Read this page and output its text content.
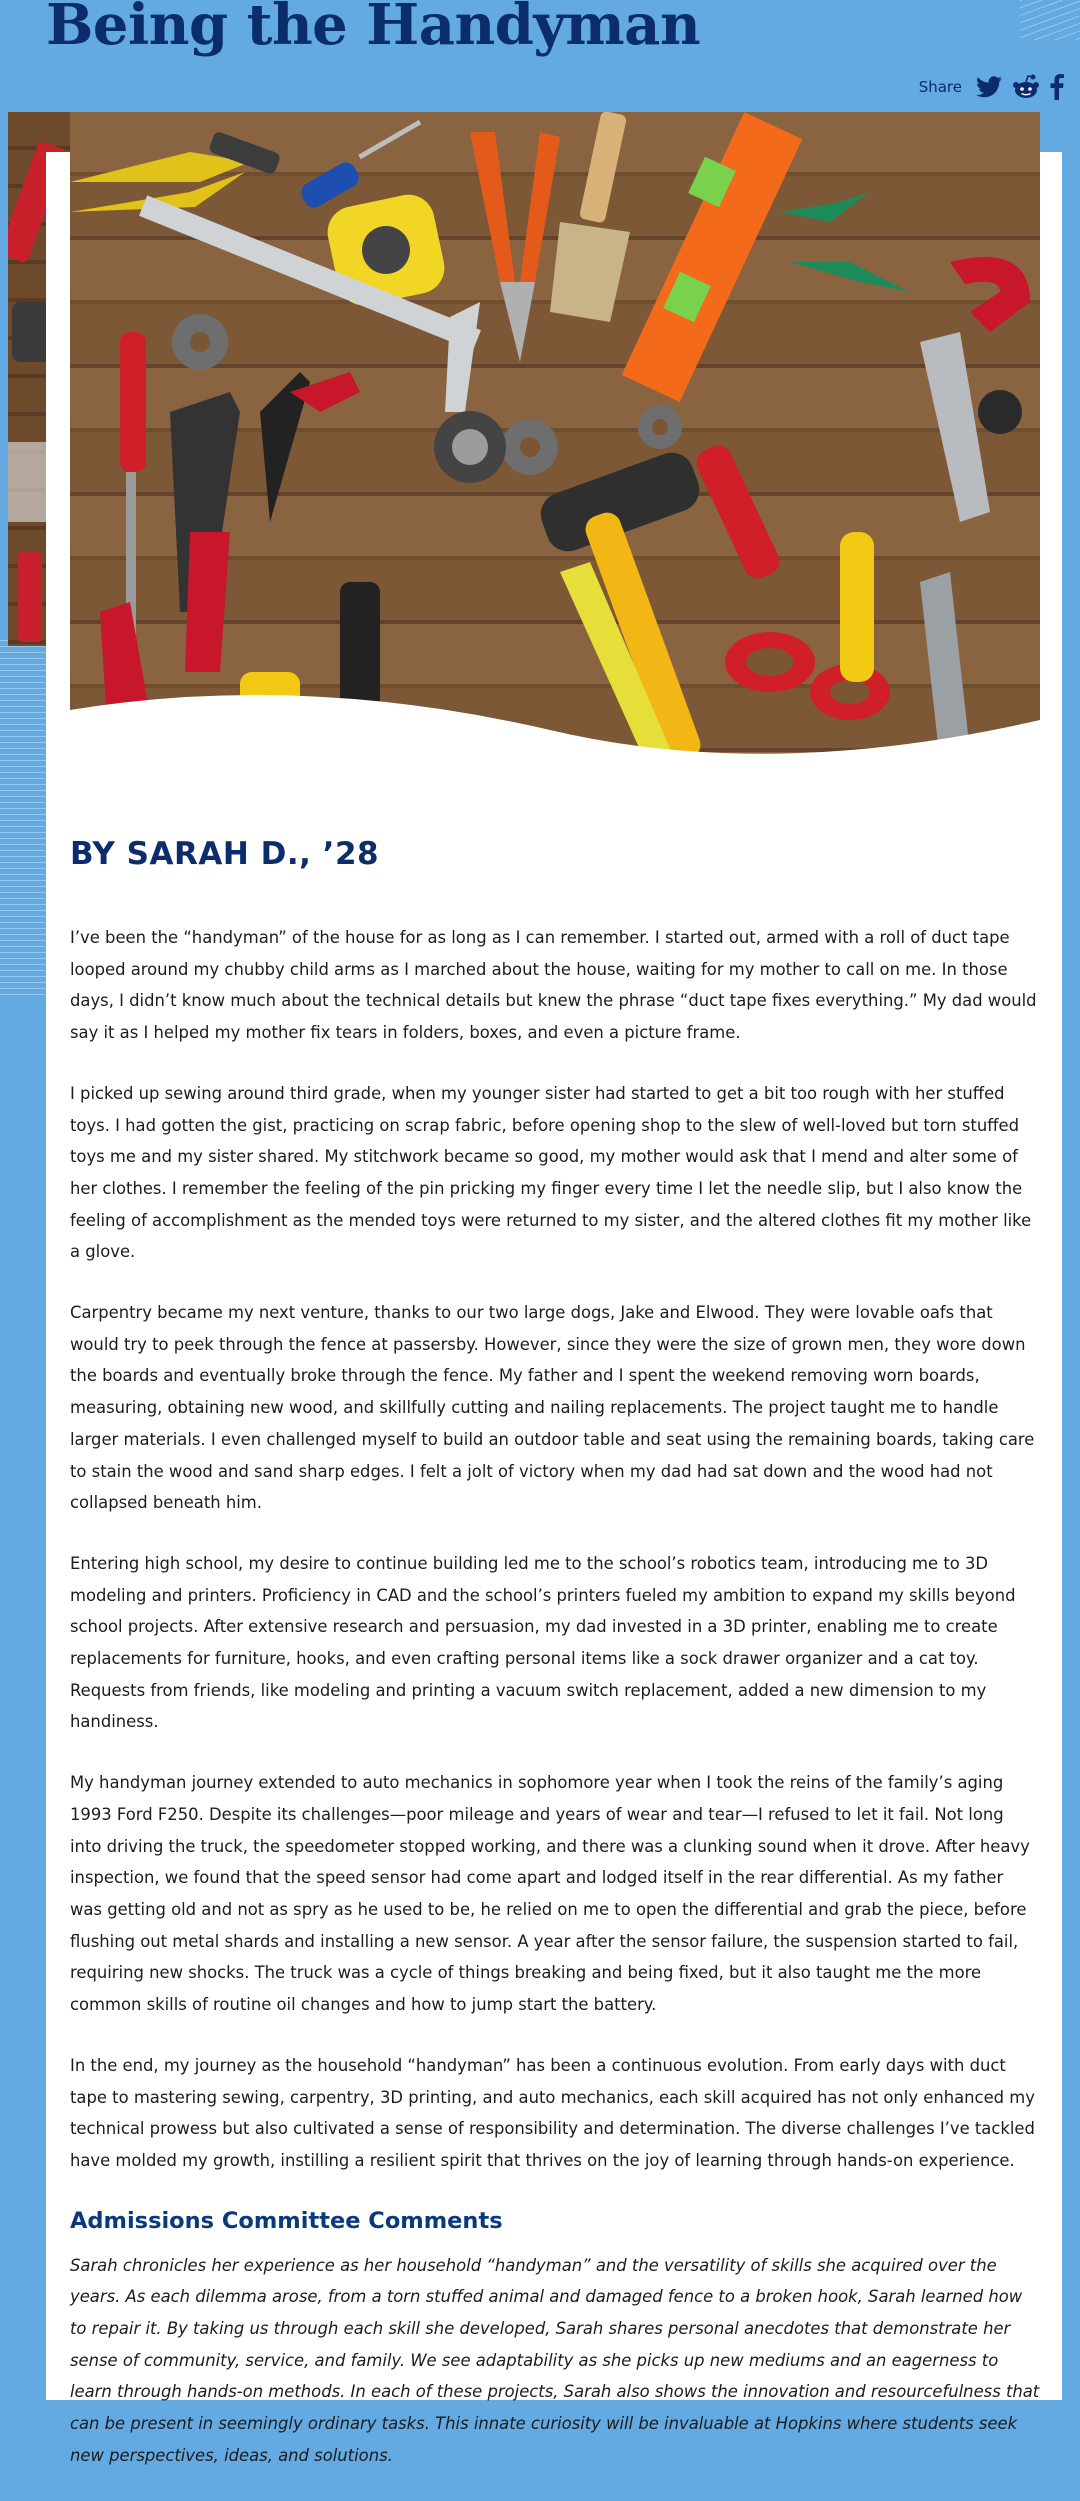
Being the Handyman
Share
BY SARAH D., ’28

I’ve been the “handyman” of the house for as long as I can remember. I started out, armed with a roll of duct tape looped around my chubby child arms as I marched about the house, waiting for my mother to call on me. In those days, I didn’t know much about the technical details but knew the phrase “duct tape fixes everything.” My dad would say it as I helped my mother fix tears in folders, boxes, and even a picture frame.

I picked up sewing around third grade, when my younger sister had started to get a bit too rough with her stuffed toys. I had gotten the gist, practicing on scrap fabric, before opening shop to the slew of well-loved but torn stuffed toys me and my sister shared. My stitchwork became so good, my mother would ask that I mend and alter some of her clothes. I remember the feeling of the pin pricking my finger every time I let the needle slip, but I also know the feeling of accomplishment as the mended toys were returned to my sister, and the altered clothes fit my mother like a glove.

Carpentry became my next venture, thanks to our two large dogs, Jake and Elwood. They were lovable oafs that would try to peek through the fence at passersby. However, since they were the size of grown men, they wore down the boards and eventually broke through the fence. My father and I spent the weekend removing worn boards, measuring, obtaining new wood, and skillfully cutting and nailing replacements. The project taught me to handle larger materials. I even challenged myself to build an outdoor table and seat using the remaining boards, taking care to stain the wood and sand sharp edges. I felt a jolt of victory when my dad had sat down and the wood had not collapsed beneath him.

Entering high school, my desire to continue building led me to the school’s robotics team, introducing me to 3D modeling and printers. Proficiency in CAD and the school’s printers fueled my ambition to expand my skills beyond school projects. After extensive research and persuasion, my dad invested in a 3D printer, enabling me to create replacements for furniture, hooks, and even crafting personal items like a sock drawer organizer and a cat toy. Requests from friends, like modeling and printing a vacuum switch replacement, added a new dimension to my handiness.

My handyman journey extended to auto mechanics in sophomore year when I took the reins of the family’s aging 1993 Ford F250. Despite its challenges—poor mileage and years of wear and tear—I refused to let it fail. Not long into driving the truck, the speedometer stopped working, and there was a clunking sound when it drove. After heavy inspection, we found that the speed sensor had come apart and lodged itself in the rear differential. As my father was getting old and not as spry as he used to be, he relied on me to open the differential and grab the piece, before flushing out metal shards and installing a new sensor. A year after the sensor failure, the suspension started to fail, requiring new shocks. The truck was a cycle of things breaking and being fixed, but it also taught me the more common skills of routine oil changes and how to jump start the battery.

In the end, my journey as the household “handyman” has been a continuous evolution. From early days with duct tape to mastering sewing, carpentry, 3D printing, and auto mechanics, each skill acquired has not only enhanced my technical prowess but also cultivated a sense of responsibility and determination. The diverse challenges I’ve tackled have molded my growth, instilling a resilient spirit that thrives on the joy of learning through hands-on experience.

Admissions Committee Comments

Sarah chronicles her experience as her household “handyman” and the versatility of skills she acquired over the years. As each dilemma arose, from a torn stuffed animal and damaged fence to a broken hook, Sarah learned how to repair it. By taking us through each skill she developed, Sarah shares personal anecdotes that demonstrate her sense of community, service, and family. We see adaptability as she picks up new mediums and an eagerness to learn through hands-on methods. In each of these projects, Sarah also shows the innovation and resourcefulness that can be present in seemingly ordinary tasks. This innate curiosity will be invaluable at Hopkins where students seek new perspectives, ideas, and solutions.
